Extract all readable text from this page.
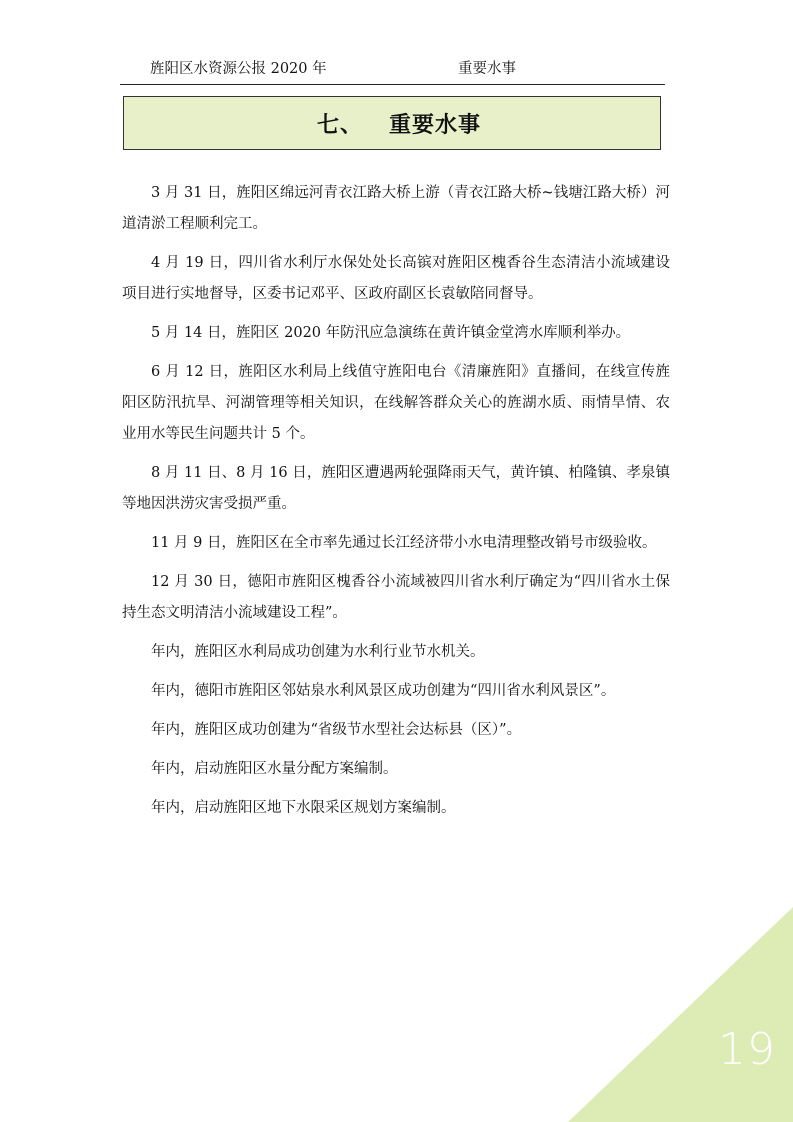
旌阳区水资源公报 2020 年	重要水事
七、   重要水事

3 月 31 日，旌阳区绵远河青衣江路大桥上游（青衣江路大桥~钱塘江路大桥）河道清淤工程顺利完工。

4 月 19 日，四川省水利厅水保处处长高镔对旌阳区槐香谷生态清洁小流域建设项目进行实地督导，区委书记邓平、区政府副区长袁敏陪同督导。

5 月 14 日，旌阳区 2020 年防汛应急演练在黄许镇金堂湾水库顺利举办。

6 月 12 日，旌阳区水利局上线值守旌阳电台《清廉旌阳》直播间，在线宣传旌阳区防汛抗旱、河湖管理等相关知识，在线解答群众关心的旌湖水质、雨情旱情、农业用水等民生问题共计 5 个。

8 月 11 日、8 月 16 日，旌阳区遭遇两轮强降雨天气，黄许镇、柏隆镇、孝泉镇等地因洪涝灾害受损严重。

11 月 9 日，旌阳区在全市率先通过长江经济带小水电清理整改销号市级验收。

12 月 30 日，德阳市旌阳区槐香谷小流域被四川省水利厅确定为“四川省水土保持生态文明清洁小流域建设工程”。

年内，旌阳区水利局成功创建为水利行业节水机关。

年内，德阳市旌阳区邻姑泉水利风景区成功创建为“四川省水利风景区”。

年内，旌阳区成功创建为“省级节水型社会达标县（区）”。

年内，启动旌阳区水量分配方案编制。

年内，启动旌阳区地下水限采区规划方案编制。

19
